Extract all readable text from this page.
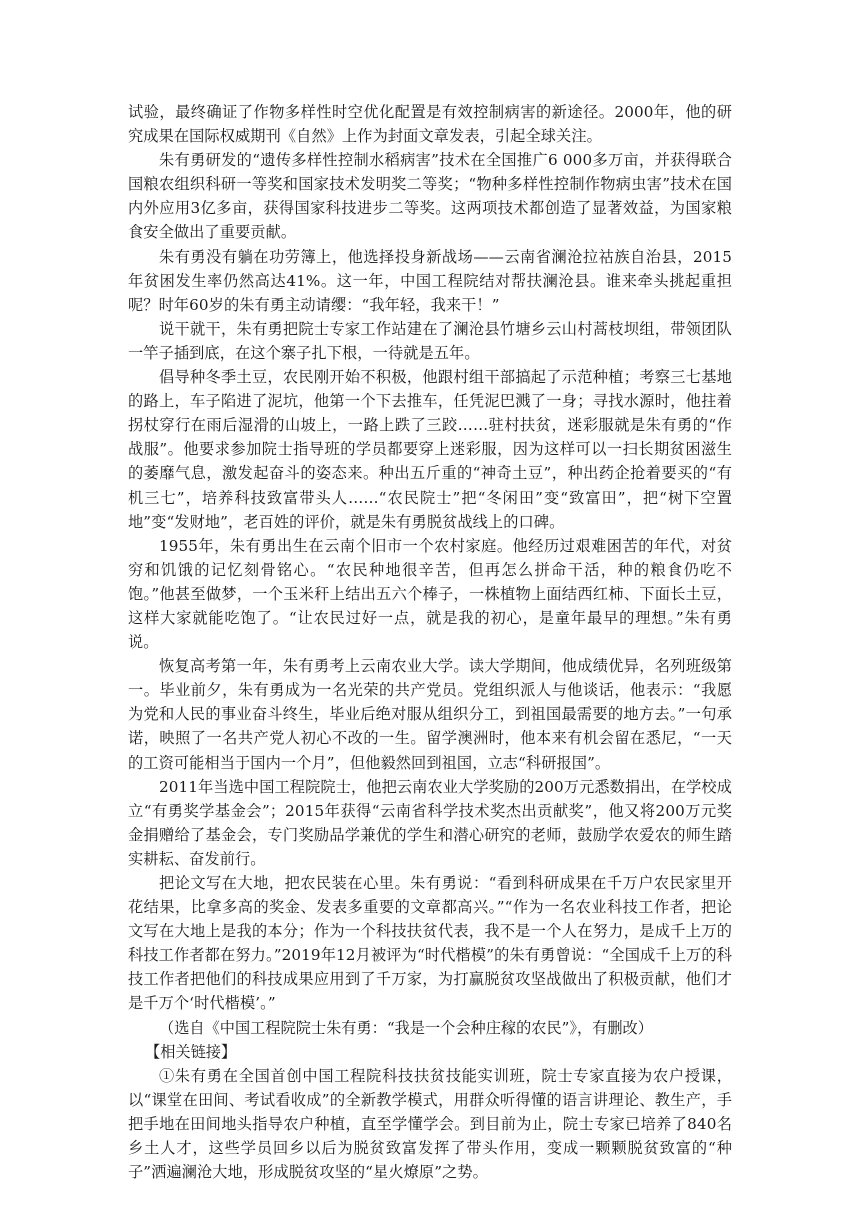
试验，最终确证了作物多样性时空优化配置是有效控制病害的新途径。2000年，他的研究成果在国际权威期刊《自然》上作为封面文章发表，引起全球关注。

朱有勇研发的“遗传多样性控制水稻病害”技术在全国推广6 000多万亩，并获得联合国粮农组织科研一等奖和国家技术发明奖二等奖；“物种多样性控制作物病虫害”技术在国内外应用3亿多亩，获得国家科技进步二等奖。这两项技术都创造了显著效益，为国家粮食安全做出了重要贡献。

朱有勇没有躺在功劳簿上，他选择投身新战场——云南省澜沧拉祜族自治县，2015年贫困发生率仍然高达41%。这一年，中国工程院结对帮扶澜沧县。谁来牵头挑起重担呢？时年60岁的朱有勇主动请缨：“我年轻，我来干！”

说干就干，朱有勇把院士专家工作站建在了澜沧县竹塘乡云山村蒿枝坝组，带领团队一竿子插到底，在这个寨子扎下根，一待就是五年。

倡导种冬季土豆，农民刚开始不积极，他跟村组干部搞起了示范种植；考察三七基地的路上，车子陷进了泥坑，他第一个下去推车，任凭泥巴溅了一身；寻找水源时，他拄着拐杖穿行在雨后湿滑的山坡上，一路上跌了三跤……驻村扶贫，迷彩服就是朱有勇的“作战服”。他要求参加院士指导班的学员都要穿上迷彩服，因为这样可以一扫长期贫困滋生的萎靡气息，激发起奋斗的姿态来。种出五斤重的“神奇土豆”，种出药企抢着要买的“有机三七”，培养科技致富带头人……“农民院士”把“冬闲田”变“致富田”，把“树下空置地”变“发财地”，老百姓的评价，就是朱有勇脱贫战线上的口碑。

1955年，朱有勇出生在云南个旧市一个农村家庭。他经历过艰难困苦的年代，对贫穷和饥饿的记忆刻骨铭心。“农民种地很辛苦，但再怎么拼命干活，种的粮食仍吃不饱。”他甚至做梦，一个玉米秆上结出五六个棒子，一株植物上面结西红柿、下面长土豆，这样大家就能吃饱了。“让农民过好一点，就是我的初心，是童年最早的理想。”朱有勇说。

恢复高考第一年，朱有勇考上云南农业大学。读大学期间，他成绩优异，名列班级第一。毕业前夕，朱有勇成为一名光荣的共产党员。党组织派人与他谈话，他表示：“我愿为党和人民的事业奋斗终生，毕业后绝对服从组织分工，到祖国最需要的地方去。”一句承诺，映照了一名共产党人初心不改的一生。留学澳洲时，他本来有机会留在悉尼，“一天的工资可能相当于国内一个月”，但他毅然回到祖国，立志“科研报国”。

2011年当选中国工程院院士，他把云南农业大学奖励的200万元悉数捐出，在学校成立“有勇奖学基金会”；2015年获得“云南省科学技术奖杰出贡献奖”，他又将200万元奖金捐赠给了基金会，专门奖励品学兼优的学生和潜心研究的老师，鼓励学农爱农的师生踏实耕耘、奋发前行。

把论文写在大地，把农民装在心里。朱有勇说：“看到科研成果在千万户农民家里开花结果，比拿多高的奖金、发表多重要的文章都高兴。”“作为一名农业科技工作者，把论文写在大地上是我的本分；作为一个科技扶贫代表，我不是一个人在努力，是成千上万的科技工作者都在努力。”2019年12月被评为“时代楷模”的朱有勇曾说：“全国成千上万的科技工作者把他们的科技成果应用到了千万家，为打赢脱贫攻坚战做出了积极贡献，他们才是千万个‘时代楷模’。”

（选自《中国工程院院士朱有勇：“我是一个会种庄稼的农民”》，有删改）

【相关链接】

①朱有勇在全国首创中国工程院科技扶贫技能实训班，院士专家直接为农户授课，以“课堂在田间、考试看收成”的全新教学模式，用群众听得懂的语言讲理论、教生产，手把手地在田间地头指导农户种植，直至学懂学会。到目前为止，院士专家已培养了840名乡土人才，这些学员回乡以后为脱贫致富发挥了带头作用，变成一颗颗脱贫致富的“种子”洒遍澜沧大地，形成脱贫攻坚的“星火燎原”之势。
